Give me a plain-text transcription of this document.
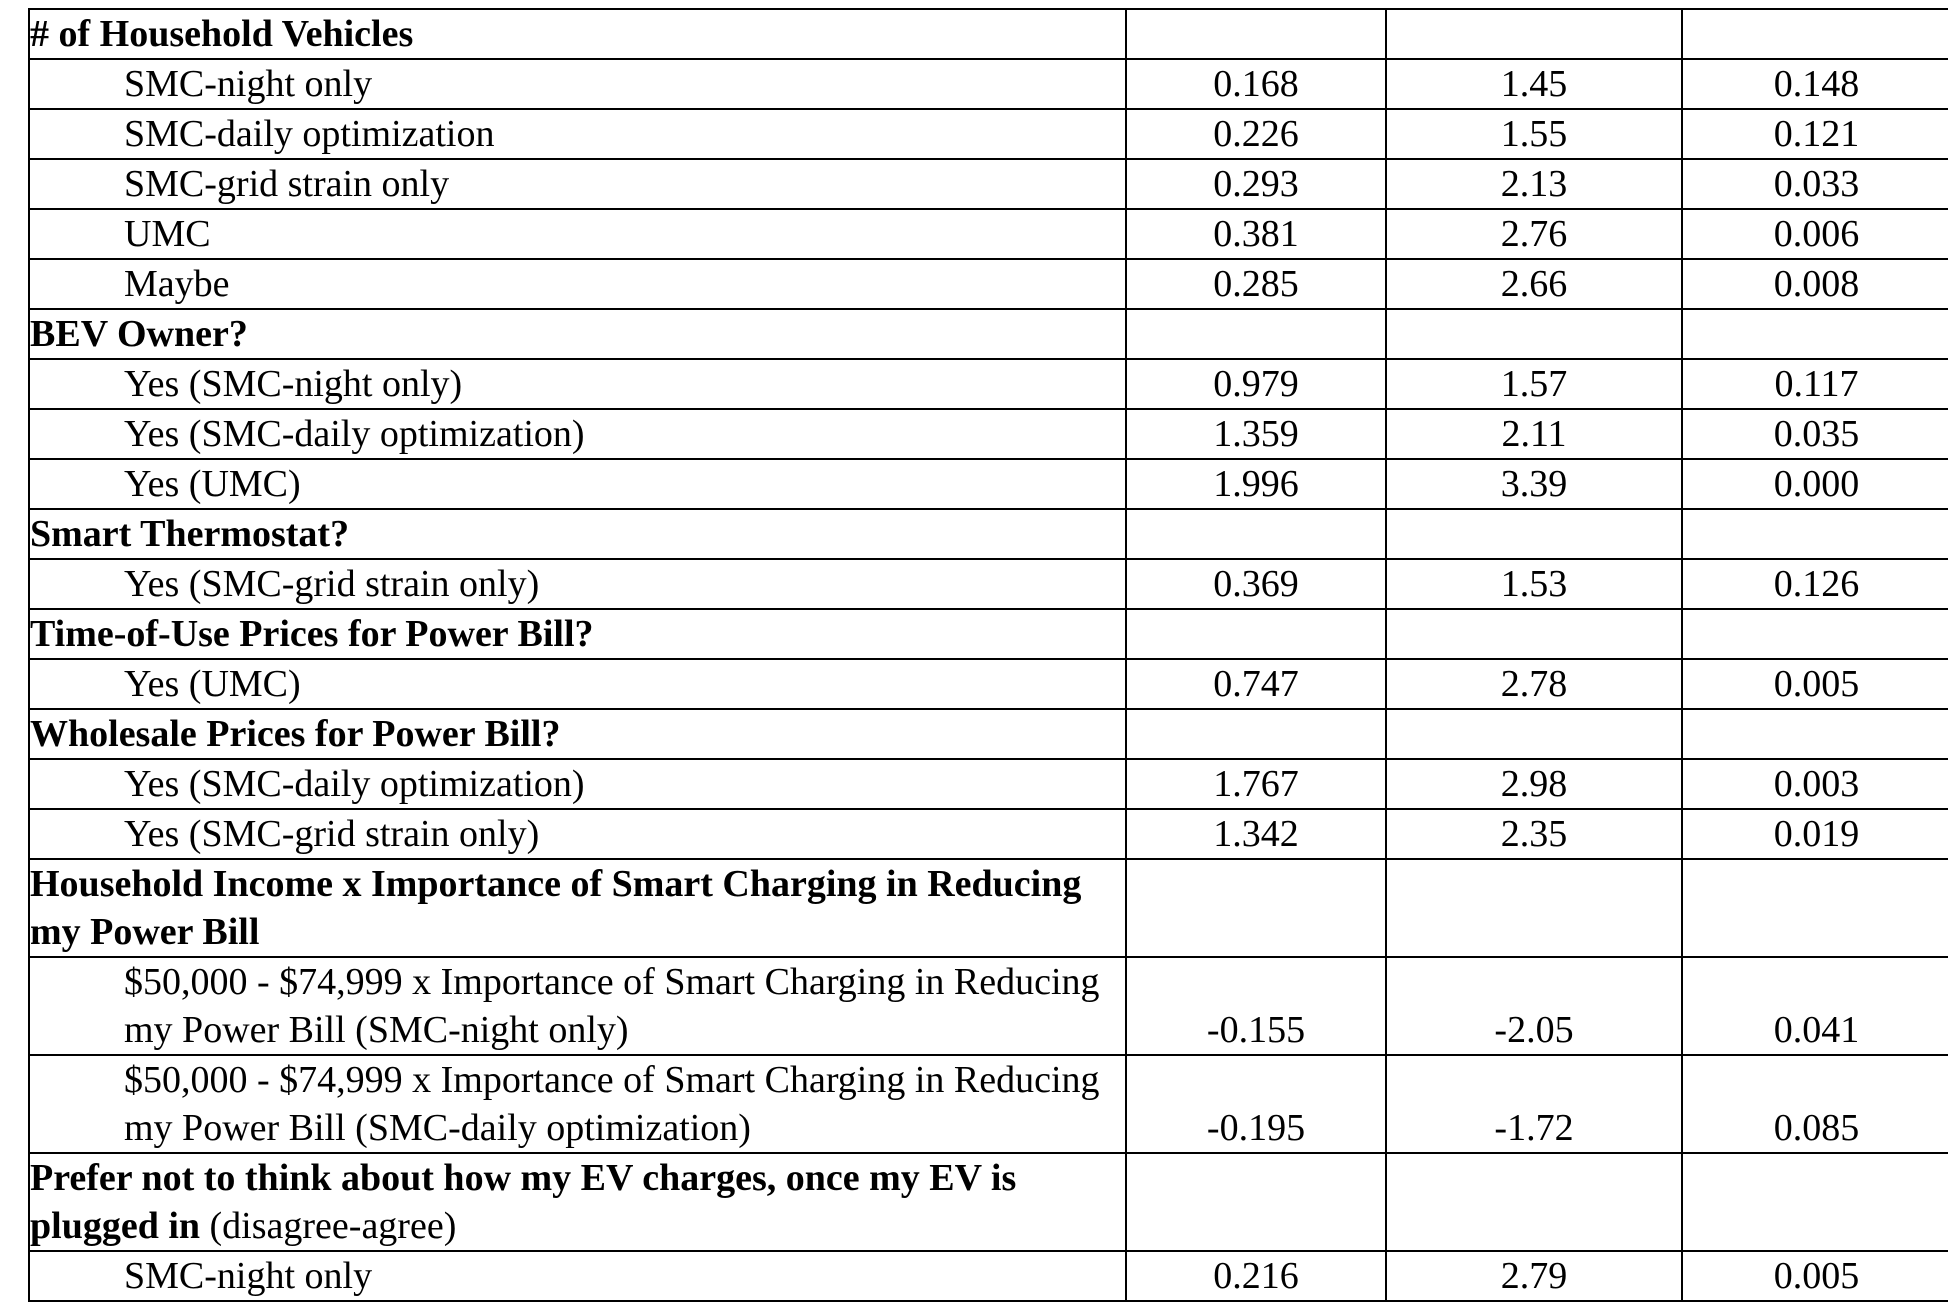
# of Household Vehicles			
SMC-night only	0.168	1.45	0.148
SMC-daily optimization	0.226	1.55	0.121
SMC-grid strain only	0.293	2.13	0.033
UMC	0.381	2.76	0.006
Maybe	0.285	2.66	0.008
BEV Owner?			
Yes (SMC-night only)	0.979	1.57	0.117
Yes (SMC-daily optimization)	1.359	2.11	0.035
Yes (UMC)	1.996	3.39	0.000
Smart Thermostat?			
Yes (SMC-grid strain only)	0.369	1.53	0.126
Time-of-Use Prices for Power Bill?			
Yes (UMC)	0.747	2.78	0.005
Wholesale Prices for Power Bill?			
Yes (SMC-daily optimization)	1.767	2.98	0.003
Yes (SMC-grid strain only)	1.342	2.35	0.019
Household Income x Importance of Smart Charging in Reducing my Power Bill			
$50,000 - $74,999 x Importance of Smart Charging in Reducing my Power Bill (SMC-night only)	-0.155	-2.05	0.041
$50,000 - $74,999 x Importance of Smart Charging in Reducing my Power Bill (SMC-daily optimization)	-0.195	-1.72	0.085
Prefer not to think about how my EV charges, once my EV is plugged in (disagree-agree)			
SMC-night only	0.216	2.79	0.005
